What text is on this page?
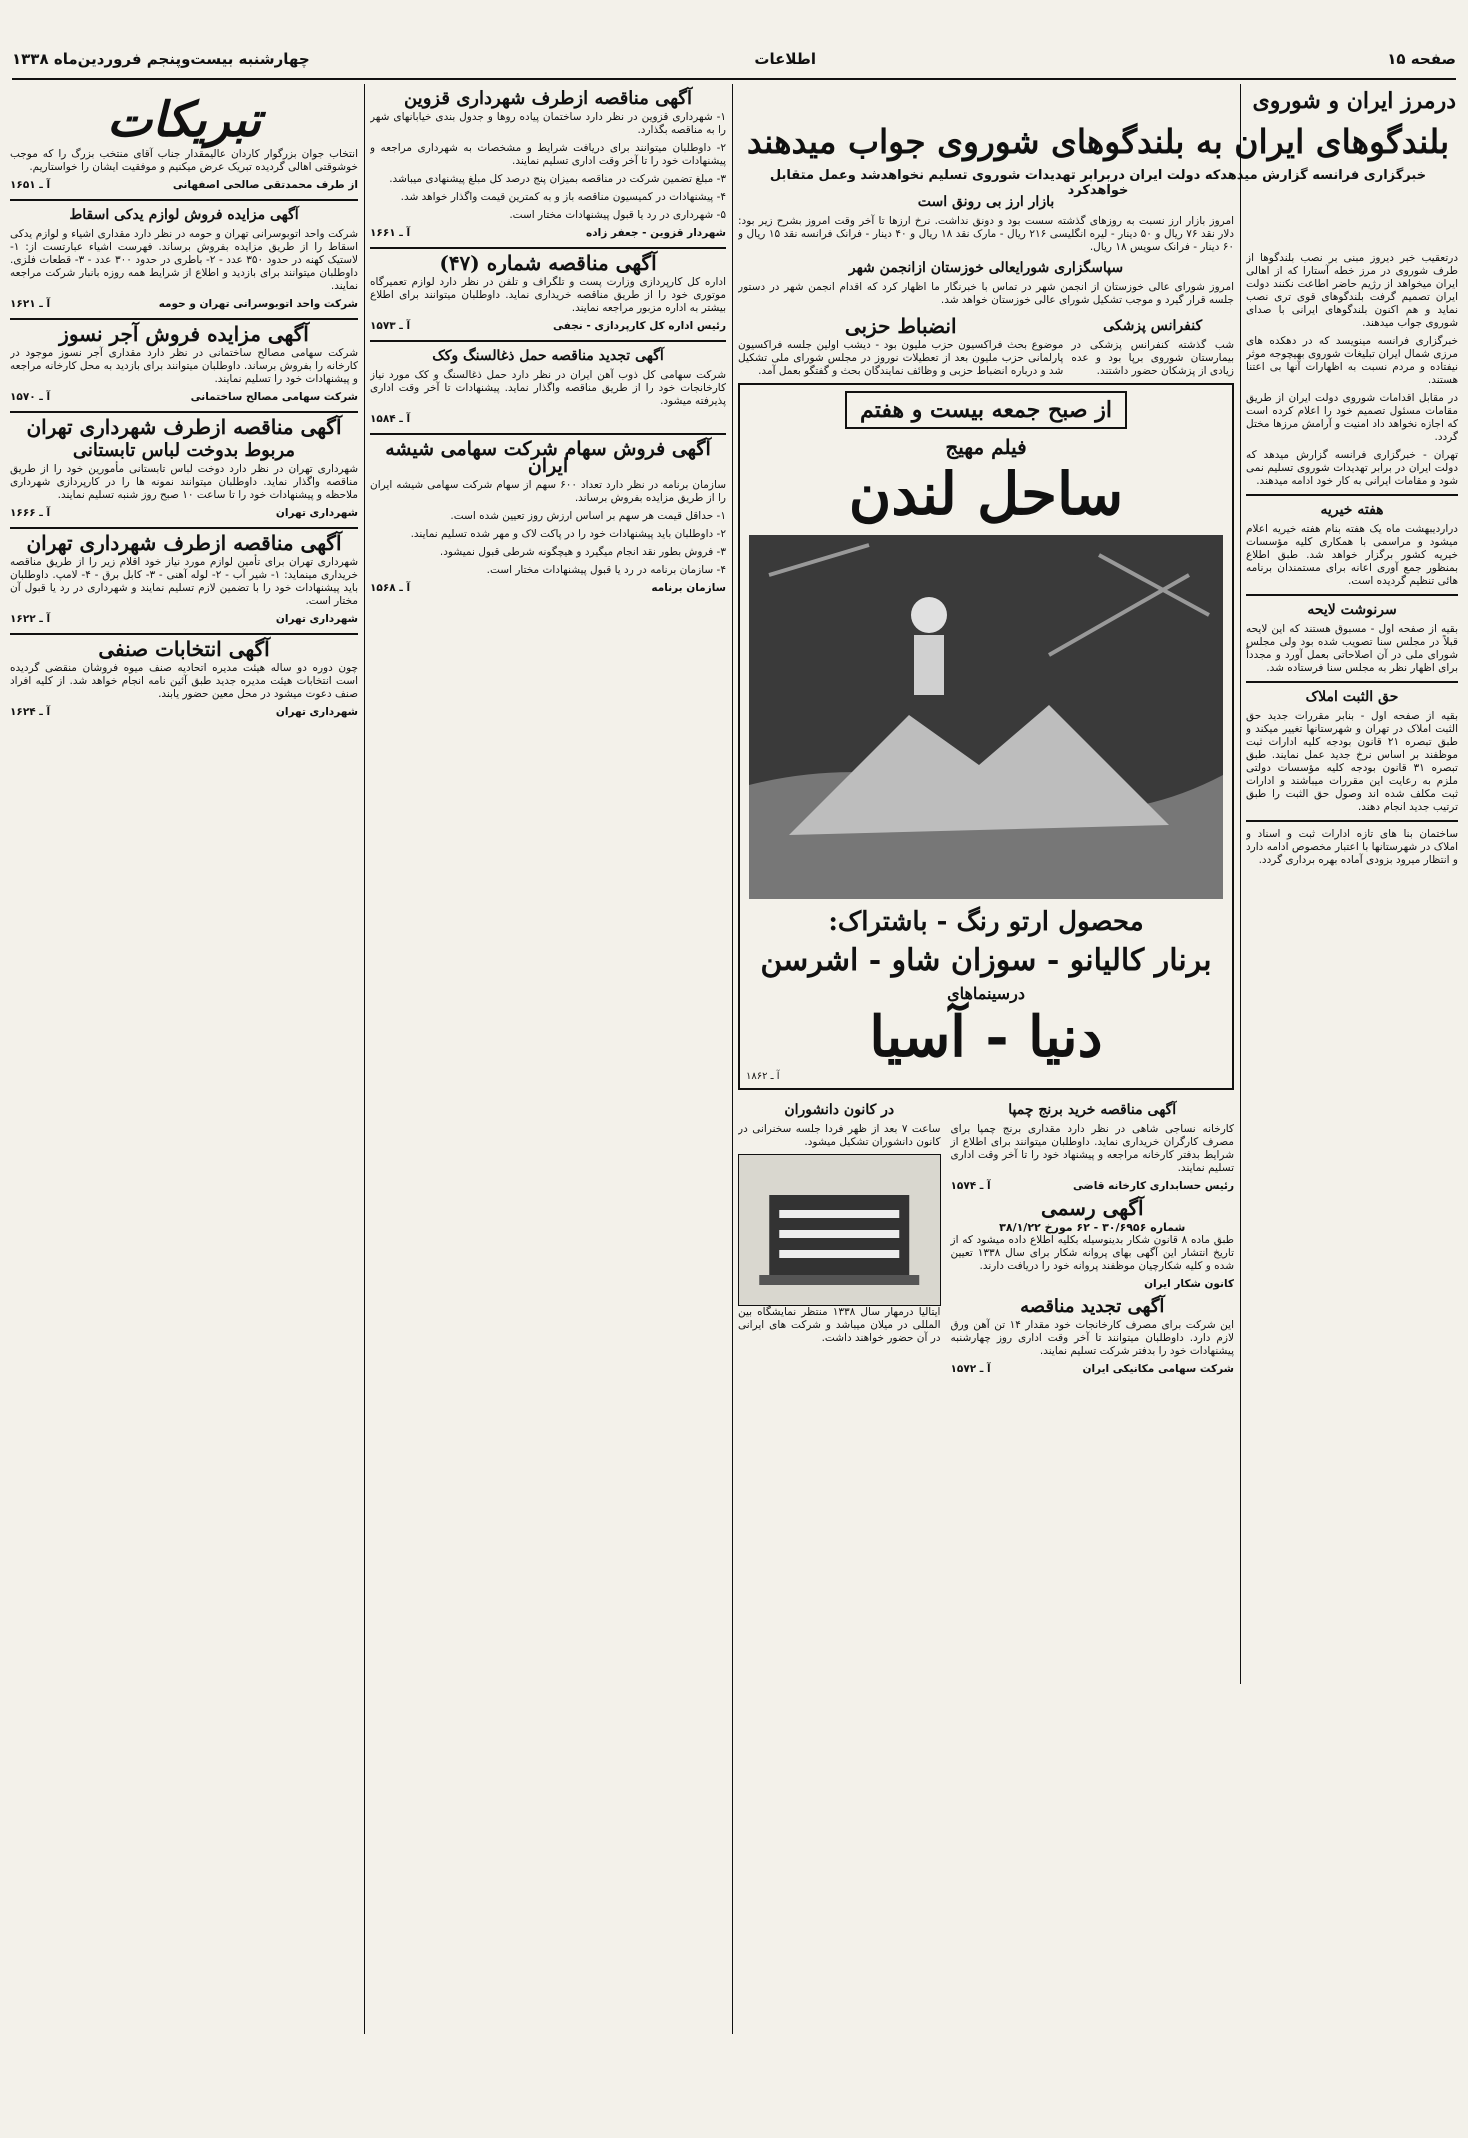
صفحه ۱۵
اطلاعات
چهارشنبه بیست‌وپنجم فروردین‌ماه ۱۳۳۸

درتعقیب خبر دیروز مبنی بر نصب بلندگوها از طرف شوروی در مرز خطه آستارا که از اهالی ایران میخواهد از رژیم حاضر اطاعت نکنند دولت ایران تصمیم گرفت بلندگوهای قوی تری نصب نماید و هم اکنون بلندگوهای ایرانی با صدای شوروی جواب میدهند.

خبرگزاری فرانسه مینویسد که در دهکده های مرزی شمال ایران تبلیغات شوروی بهیچوجه موثر نیفتاده و مردم نسبت به اظهارات آنها بی اعتنا هستند.

در مقابل اقدامات شوروی دولت ایران از طریق مقامات مسئول تصمیم خود را اعلام کرده است که اجازه نخواهد داد امنیت و آرامش مرزها مختل گردد.

تهران - خبرگزاری فرانسه گزارش میدهد که دولت ایران در برابر تهدیدات شوروی تسلیم نمی شود و مقامات ایرانی به کار خود ادامه میدهند.

هفته خیریه

دراردیبهشت ماه یک هفته بنام هفته خیریه اعلام میشود و مراسمی با همکاری کلیه مؤسسات خیریه کشور برگزار خواهد شد. طبق اطلاع بمنظور جمع آوری اعانه برای مستمندان برنامه هائی تنظیم گردیده است.

سرنوشت لایحه

بقیه از صفحه اول - مسبوق هستند که این لایحه قبلاً در مجلس سنا تصویب شده بود ولی مجلس شورای ملی در آن اصلاحاتی بعمل آورد و مجدداً برای اظهار نظر به مجلس سنا فرستاده شد.

حق الثبت املاک

بقیه از صفحه اول - بنابر مقررات جدید حق الثبت املاک در تهران و شهرستانها تغییر میکند و طبق تبصره ۲۱ قانون بودجه کلیه ادارات ثبت موظفند بر اساس نرخ جدید عمل نمایند. طبق تبصره ۳۱ قانون بودجه کلیه مؤسسات دولتی ملزم به رعایت این مقررات میباشند و ادارات ثبت مکلف شده اند وصول حق الثبت را طبق ترتیب جدید انجام دهند.

ساختمان بنا های تازه ادارات ثبت و اسناد و املاک در شهرستانها با اعتبار مخصوص ادامه دارد و انتظار میرود بزودی آماده بهره برداری گردد.

درمرز ایران و شوروی
بلندگوهای ایران به بلندگوهای شوروی جواب میدهند
خبرگزاری فرانسه گزارش میدهدکه دولت ایران دربرابر تهدیدات شوروی تسلیم نخواهدشد وعمل متقابل خواهدکرد
بازار ارز بی رونق است

امروز بازار ارز نسبت به روزهای گذشته سست بود و دونق نداشت. نرخ ارزها تا آخر وقت امروز بشرح زیر بود: دلار نقد ۷۶ ریال و ۵۰ دینار - لیره انگلیسی ۲۱۶ ریال - مارک نقد ۱۸ ریال و ۴۰ دینار - فرانک فرانسه نقد ۱۵ ریال و ۶۰ دینار - فرانک سویس ۱۸ ریال.

سپاسگزاری شورایعالی خوزستان ازانجمن شهر

امروز شورای عالی خوزستان از انجمن شهر در تماس با خبرنگار ما اظهار کرد که اقدام انجمن شهر در دستور جلسه قرار گیرد و موجب تشکیل شورای عالی خوزستان خواهد شد.

کنفرانس پزشکی

شب گذشته کنفرانس پزشکی در بیمارستان شوروی برپا بود و عده زیادی از پزشکان حضور داشتند.

انضباط حزبی

موضوع بحث فراکسیون حزب ملیون بود - دیشب اولین جلسه فراکسیون پارلمانی حزب ملیون بعد از تعطیلات نوروز در مجلس شورای ملی تشکیل شد و درباره انضباط حزبی و وظائف نمایندگان بحث و گفتگو بعمل آمد.

از صبح جمعه بیست و هفتم
فیلم مهیج
ساحل لندن
محصول ارتو رنگ - باشتراک:
برنار کالیانو - سوزان شاو - اشرسن
درسینماهای
دنیا - آسیا
آ ـ ۱۸۶۲
آگهی مناقصه خرید برنج چمپا

کارخانه نساجی شاهی در نظر دارد مقداری برنج چمپا برای مصرف کارگران خریداری نماید. داوطلبان میتوانند برای اطلاع از شرایط بدفتر کارخانه مراجعه و پیشنهاد خود را تا آخر وقت اداری تسلیم نمایند.

رئیس حسابداری کارخانه قاضی
آ ـ ۱۵۷۴
آگهی رسمی
شماره ۳۰/۶۹۵۶ - ۶۲ مورخ ۳۸/۱/۲۲

طبق ماده ۸ قانون شکار بدینوسیله بکلیه اطلاع داده میشود که از تاریخ انتشار این آگهی بهای پروانه شکار برای سال ۱۳۳۸ تعیین شده و کلیه شکارچیان موظفند پروانه خود را دریافت دارند.

کانون شکار ایران
آگهی تجدید مناقصه

این شرکت برای مصرف کارخانجات خود مقدار ۱۴ تن آهن ورق لازم دارد. داوطلبان میتوانند تا آخر وقت اداری روز چهارشنبه پیشنهادات خود را بدفتر شرکت تسلیم نمایند.

شرکت سهامی مکانیکی ایران
آ ـ ۱۵۷۲
در کانون دانشوران

ساعت ۷ بعد از ظهر فردا جلسه سخنرانی در کانون دانشوران تشکیل میشود.

ایتالیا درمهار سال ۱۳۳۸ منتظر نمایشگاه بین المللی در میلان میباشد و شرکت های ایرانی در آن حضور خواهند داشت.

آگهی مناقصه ازطرف شهرداری قزوین

۱- شهرداری قزوین در نظر دارد ساختمان پیاده روها و جدول بندی خیابانهای شهر را به مناقصه بگذارد.

۲- داوطلبان میتوانند برای دریافت شرایط و مشخصات به شهرداری مراجعه و پیشنهادات خود را تا آخر وقت اداری تسلیم نمایند.

۳- مبلغ تضمین شرکت در مناقصه بمیزان پنج درصد کل مبلغ پیشنهادی میباشد.

۴- پیشنهادات در کمیسیون مناقصه باز و به کمترین قیمت واگذار خواهد شد.

۵- شهرداری در رد یا قبول پیشنهادات مختار است.

شهردار قزوین - جعفر زاده
آ ـ ۱۶۶۱
آگهی مناقصه شماره (۴۷)

اداره کل کارپردازی وزارت پست و تلگراف و تلفن در نظر دارد لوازم تعمیرگاه موتوری خود را از طریق مناقصه خریداری نماید. داوطلبان میتوانند برای اطلاع بیشتر به اداره مزبور مراجعه نمایند.

رئیس اداره کل کارپردازی - نجفی
آ ـ ۱۵۷۳
آگهی تجدید مناقصه حمل ذغالسنگ وکک

شرکت سهامی کل ذوب آهن ایران در نظر دارد حمل ذغالسنگ و کک مورد نیاز کارخانجات خود را از طریق مناقصه واگذار نماید. پیشنهادات تا آخر وقت اداری پذیرفته میشود.

آ ـ ۱۵۸۴
آگهی فروش سهام شرکت سهامی شیشه ایران

سازمان برنامه در نظر دارد تعداد ۶۰۰ سهم از سهام شرکت سهامی شیشه ایران را از طریق مزایده بفروش برساند.

۱- حداقل قیمت هر سهم بر اساس ارزش روز تعیین شده است.

۲- داوطلبان باید پیشنهادات خود را در پاکت لاک و مهر شده تسلیم نمایند.

۳- فروش بطور نقد انجام میگیرد و هیچگونه شرطی قبول نمیشود.

۴- سازمان برنامه در رد یا قبول پیشنهادات مختار است.

سازمان برنامه
آ ـ ۱۵۶۸
تبریکات

انتخاب جوان بزرگوار کاردان عالیمقدار جناب آقای منتخب بزرگ را که موجب خوشوقتی اهالی گردیده تبریک عرض میکنیم و موفقیت ایشان را خواستاریم.

از طرف محمدتقی صالحی اصفهانی
آ ـ ۱۶۵۱
آگهی مزایده فروش لوازم یدکی اسقاط

شرکت واحد اتوبوسرانی تهران و حومه در نظر دارد مقداری اشیاء و لوازم یدکی اسقاط را از طریق مزایده بفروش برساند. فهرست اشیاء عبارتست از: ۱- لاستیک کهنه در حدود ۳۵۰ عدد - ۲- باطری در حدود ۳۰۰ عدد - ۳- قطعات فلزی. داوطلبان میتوانند برای بازدید و اطلاع از شرایط همه روزه بانبار شرکت مراجعه نمایند.

شرکت واحد اتوبوسرانی تهران و حومه
آ ـ ۱۶۲۱
آگهی مزایده فروش آجر نسوز

شرکت سهامی مصالح ساختمانی در نظر دارد مقداری آجر نسوز موجود در کارخانه را بفروش برساند. داوطلبان میتوانند برای بازدید به محل کارخانه مراجعه و پیشنهادات خود را تسلیم نمایند.

شرکت سهامی مصالح ساختمانی
آ ـ ۱۵۷۰
آگهی مناقصه ازطرف شهرداری تهران
مربوط بدوخت لباس تابستانی

شهرداری تهران در نظر دارد دوخت لباس تابستانی مأمورین خود را از طریق مناقصه واگذار نماید. داوطلبان میتوانند نمونه ها را در کارپردازی شهرداری ملاحظه و پیشنهادات خود را تا ساعت ۱۰ صبح روز شنبه تسلیم نمایند.

شهرداری تهران
آ ـ ۱۶۶۶
آگهی مناقصه ازطرف شهرداری تهران

شهرداری تهران برای تأمین لوازم مورد نیاز خود اقلام زیر را از طریق مناقصه خریداری مینماید: ۱- شیر آب - ۲- لوله آهنی - ۳- کابل برق - ۴- لامپ. داوطلبان باید پیشنهادات خود را با تضمین لازم تسلیم نمایند و شهرداری در رد یا قبول آن مختار است.

شهرداری تهران
آ ـ ۱۶۲۲
آگهی انتخابات صنفی

چون دوره دو ساله هیئت مدیره اتحادیه صنف میوه فروشان منقضی گردیده است انتخابات هیئت مدیره جدید طبق آئین نامه انجام خواهد شد. از کلیه افراد صنف دعوت میشود در محل معین حضور یابند.

شهرداری تهران
آ ـ ۱۶۲۴
